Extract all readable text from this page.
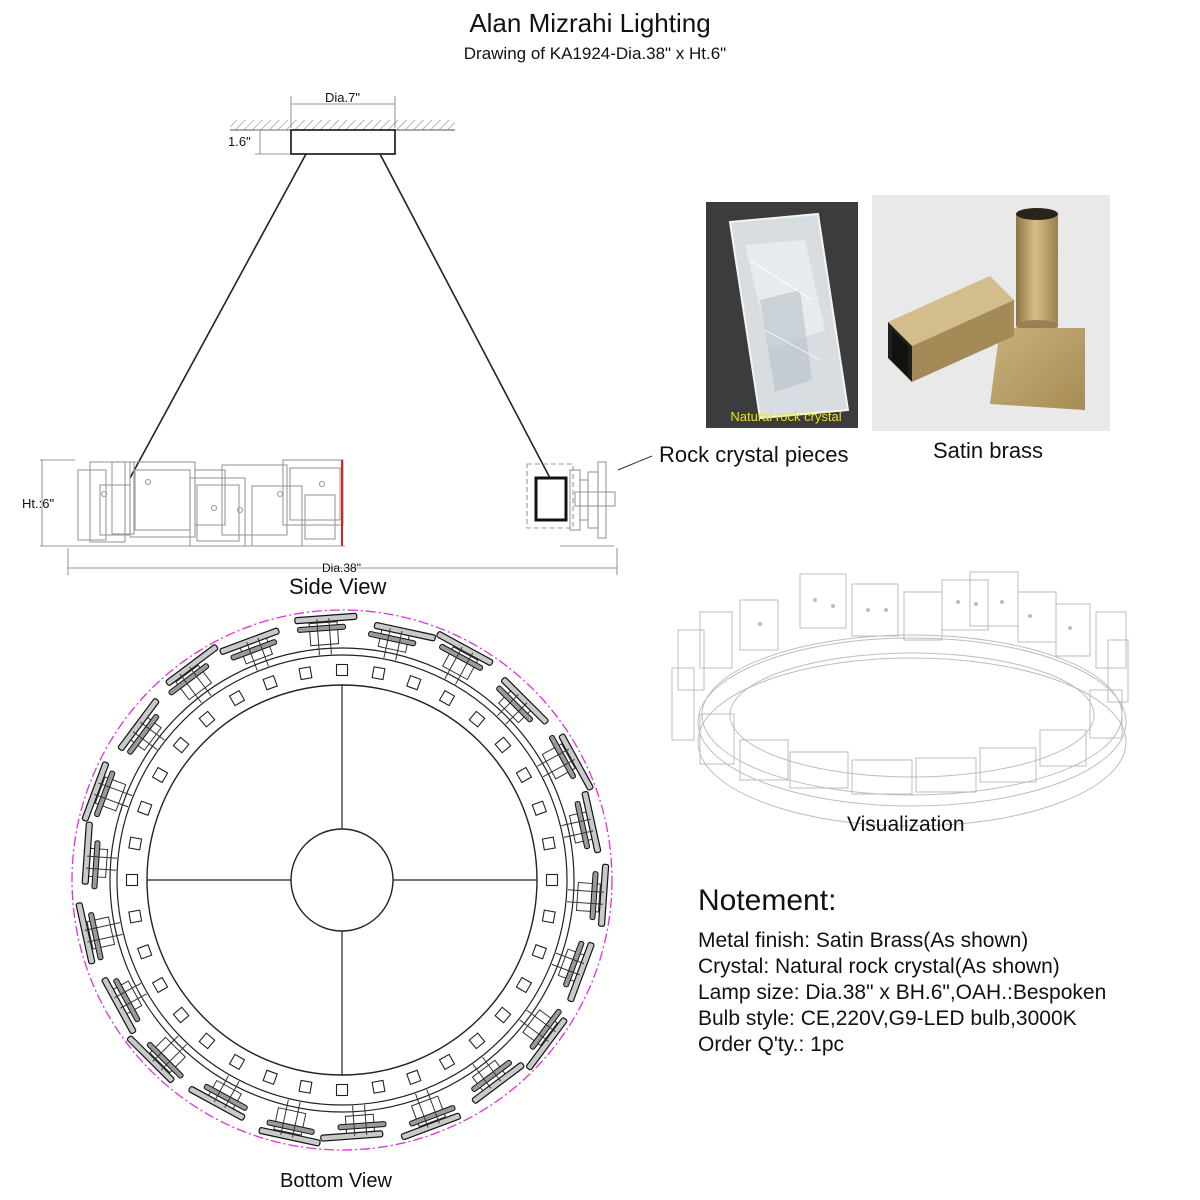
Alan Mizrahi Lighting
Drawing of KA1924-Dia.38" x Ht.6"
Dia.7"
1.6"
Ht.:6"
Dia.38"
Side View
Rock crystal pieces
Natural rock crystal
Satin brass
Visualization
Bottom View
Notement:
Metal finish: Satin Brass(As shown)
Crystal: Natural rock crystal(As shown)
Lamp size: Dia.38" x BH.6",OAH.:Bespoken
Bulb style: CE,220V,G9-LED bulb,3000K
Order Q'ty.: 1pc
